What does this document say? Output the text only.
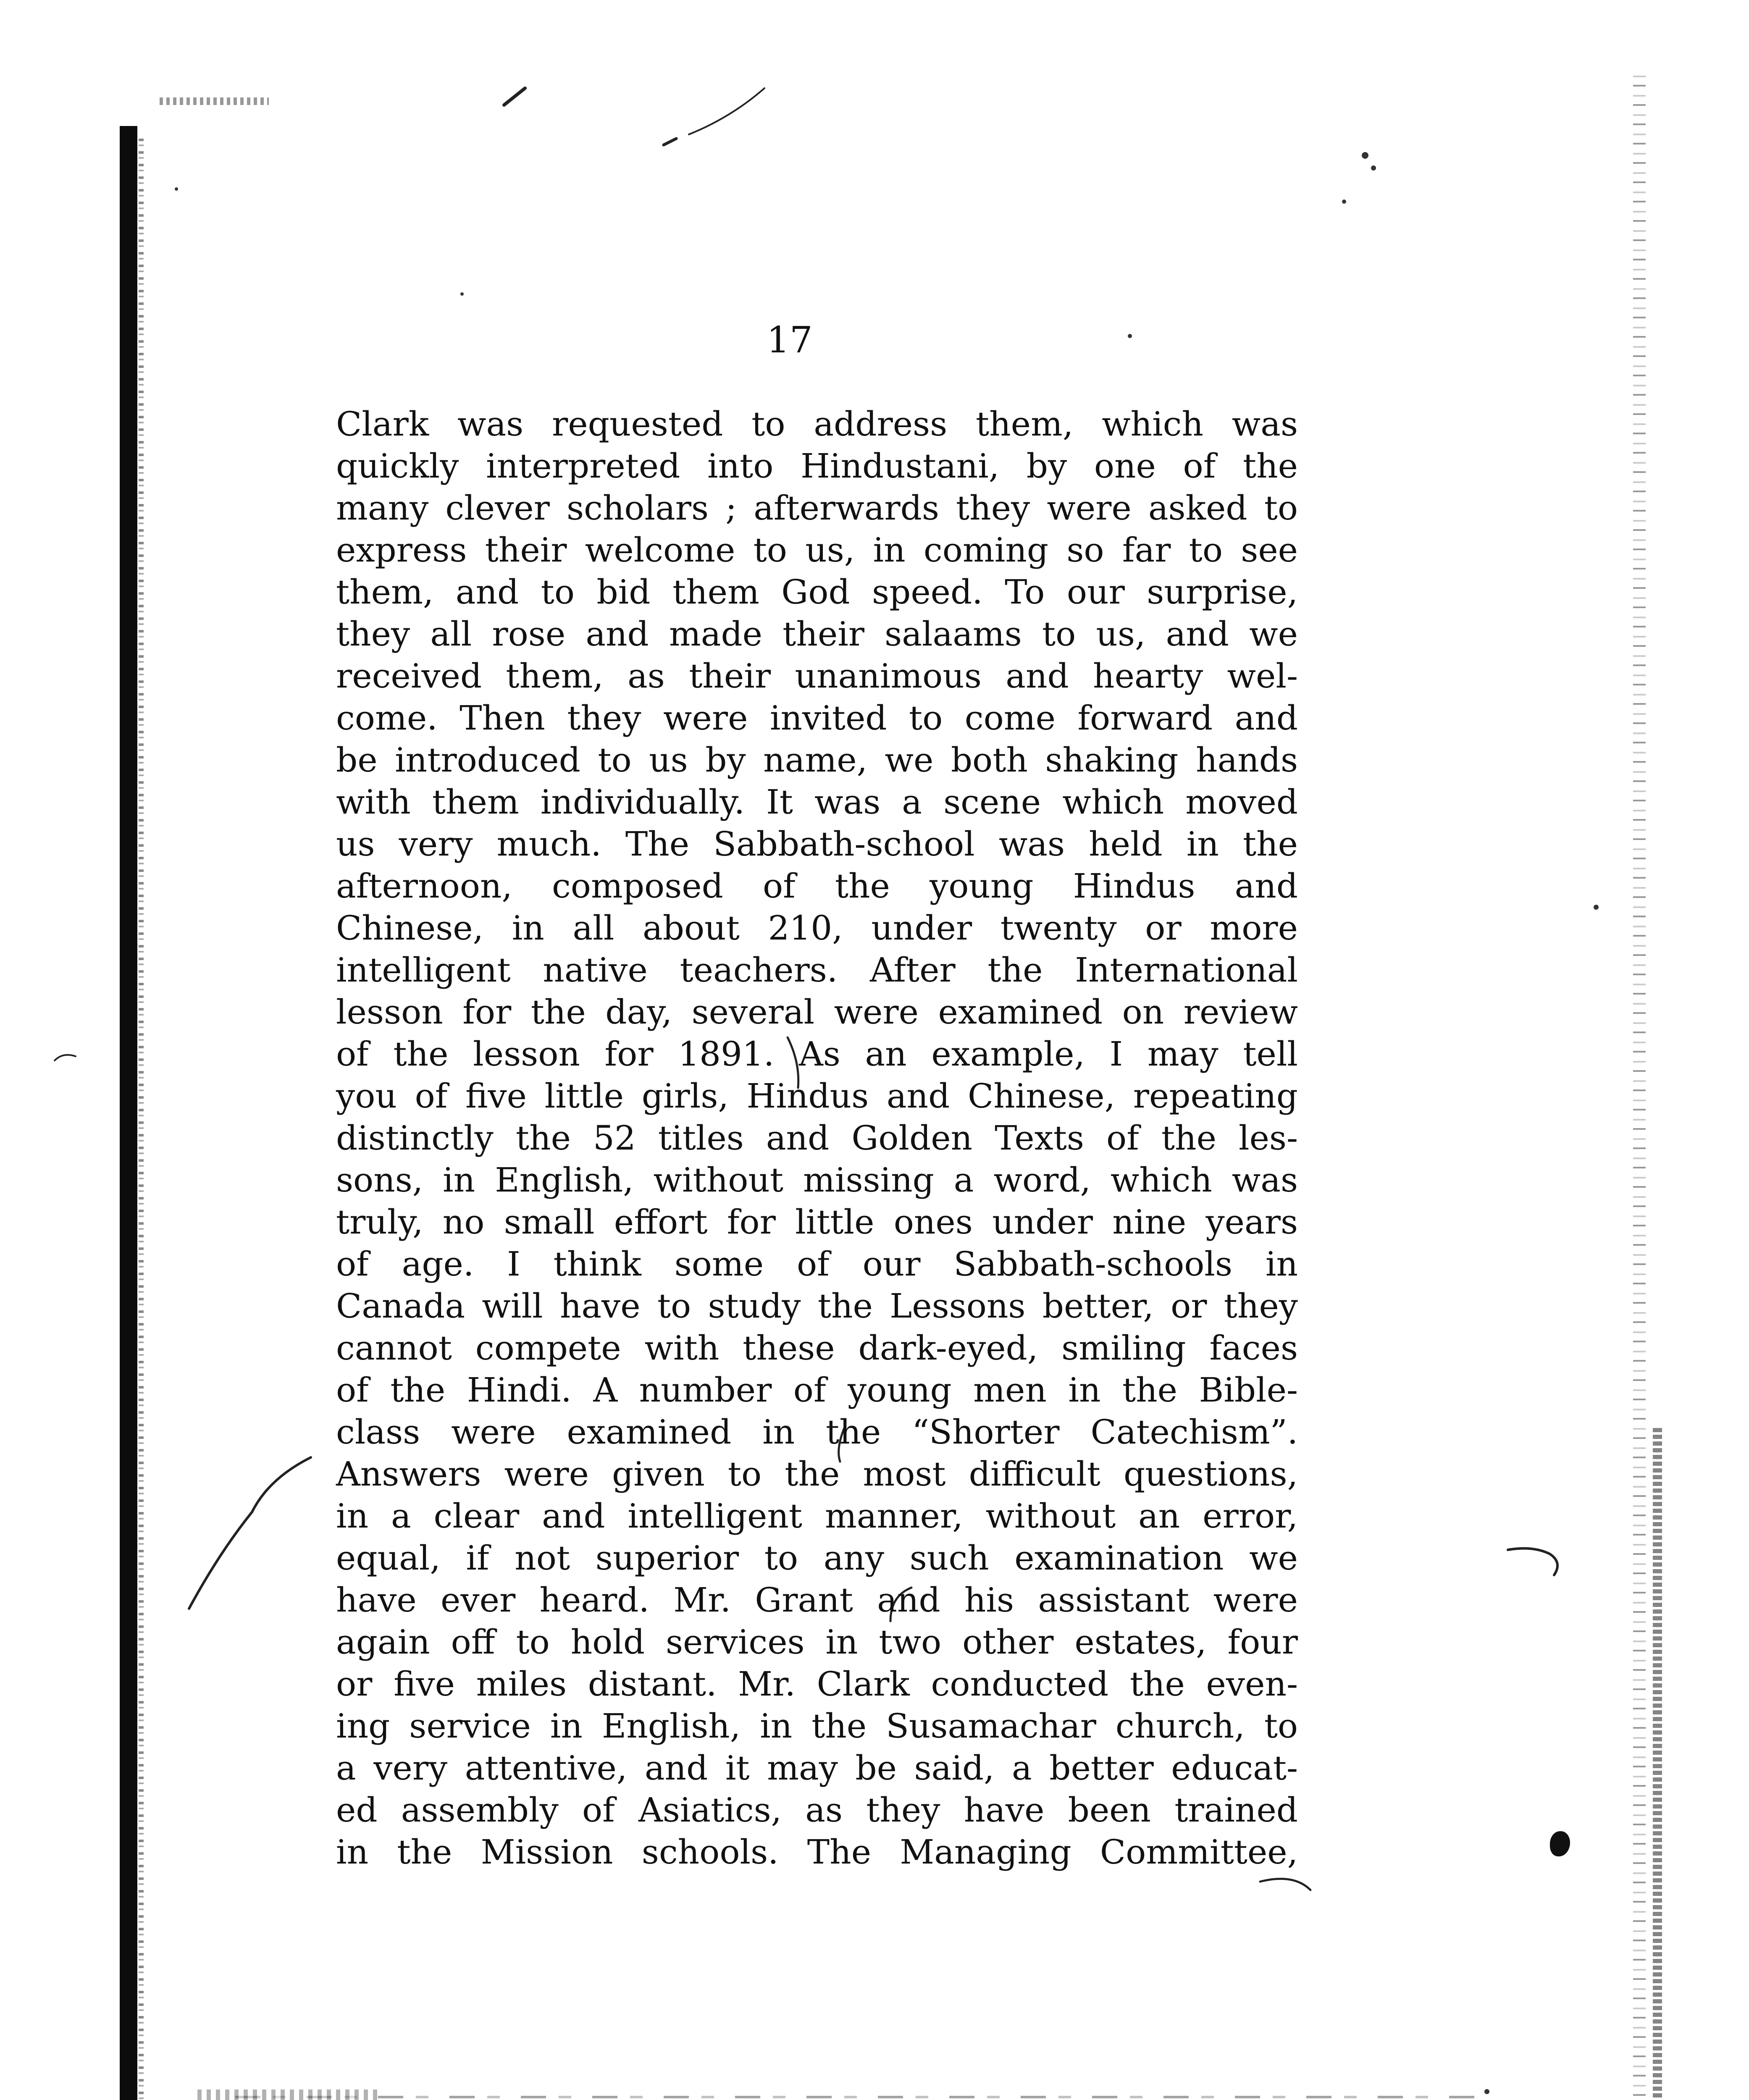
17
Clark was requested to address them, which was
quickly interpreted into Hindustani, by one of the
many clever scholars ; afterwards they were asked to
express their welcome to us, in coming so far to see
them, and to bid them God speed. To our surprise,
they all rose and made their salaams to us, and we
received them, as their unanimous and hearty wel-
come. Then they were invited to come forward and
be introduced to us by name, we both shaking hands
with them individually. It was a scene which moved
us very much. The Sabbath-school was held in the
afternoon, composed of the young Hindus and
Chinese, in all about 210, under twenty or more
intelligent native teachers. After the International
lesson for the day, several were examined on review
of the lesson for 1891. As an example, I may tell
you of five little girls, Hindus and Chinese, repeating
distinctly the 52 titles and Golden Texts of the les-
sons, in English, without missing a word, which was
truly, no small effort for little ones under nine years
of age. I think some of our Sabbath-schools in
Canada will have to study the Lessons better, or they
cannot compete with these dark-eyed, smiling faces
of the Hindi. A number of young men in the Bible-
class were examined in the “Shorter Catechism”.
Answers were given to the most difficult questions,
in a clear and intelligent manner, without an error,
equal, if not superior to any such examination we
have ever heard. Mr. Grant and his assistant were
again off to hold services in two other estates, four
or five miles distant. Mr. Clark conducted the even-
ing service in English, in the Susamachar church, to
a very attentive, and it may be said, a better educat-
ed assembly of Asiatics, as they have been trained
in the Mission schools. The Managing Committee,
